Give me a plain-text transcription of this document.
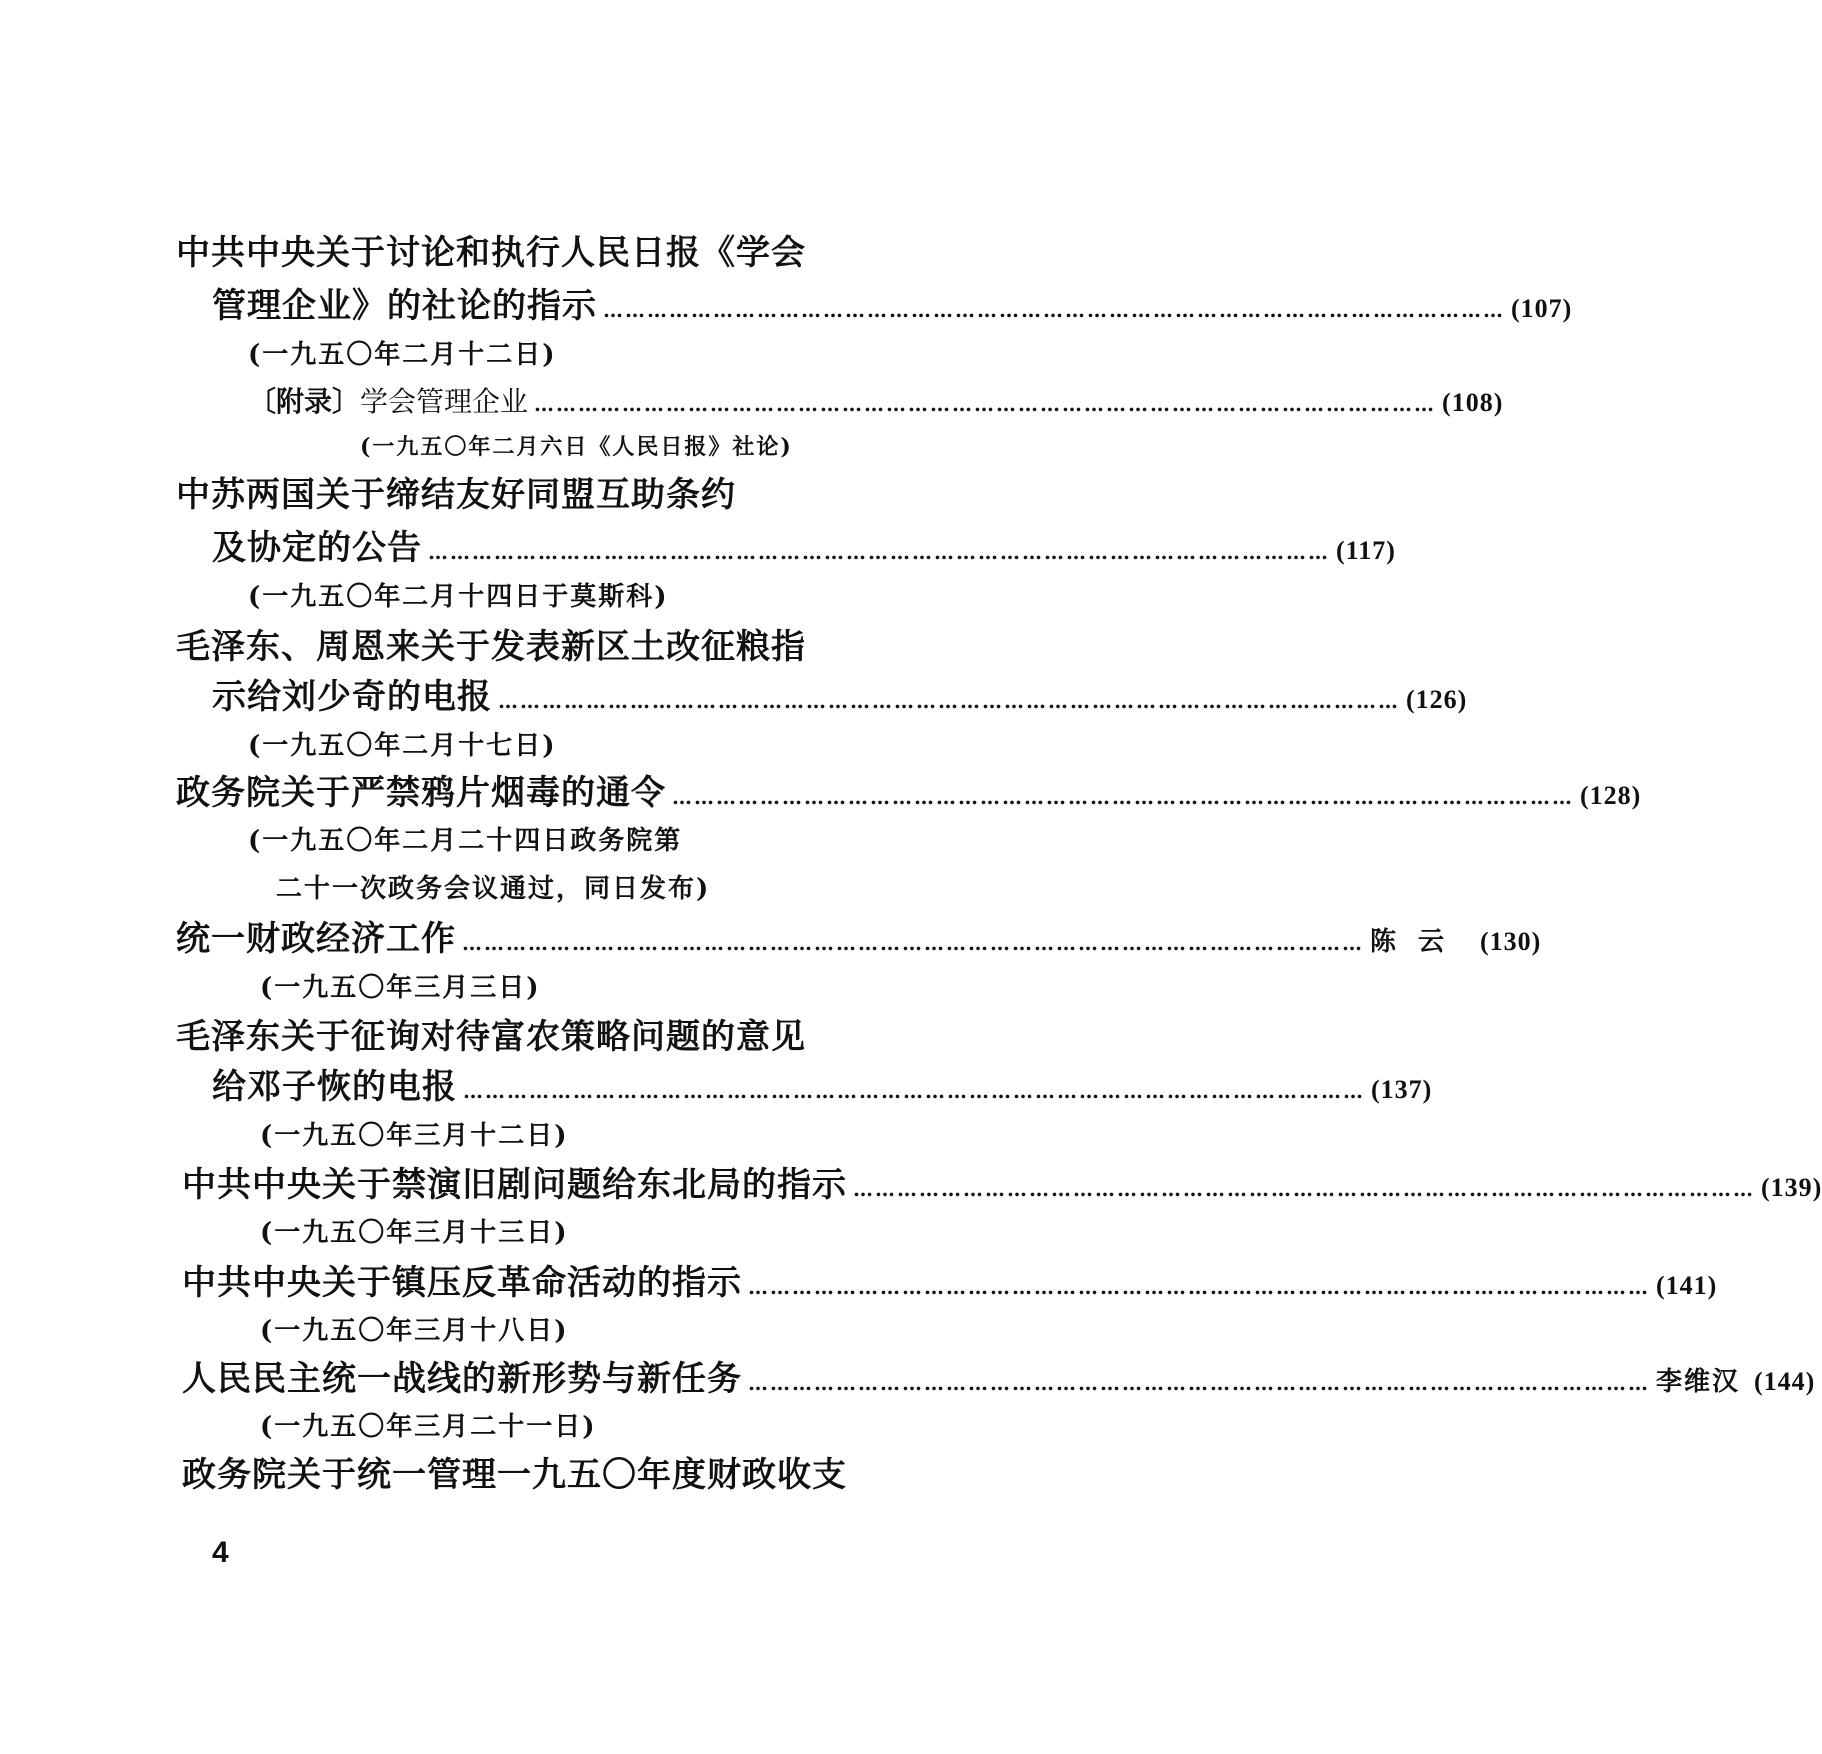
中共中央关于讨论和执行人民日报《学会
管理企业》的社论的指示 …………………………………………………………………………………………………………… (107)
(一九五〇年二月十二日)
〔附录〕 学会管理企业 …………………………………………………………………………………………………………… (108)
(一九五〇年二月六日《人民日报》社论)
中苏两国关于缔结友好同盟互助条约
及协定的公告 …………………………………………………………………………………………………………… (117)
(一九五〇年二月十四日于莫斯科)
毛泽东、周恩来关于发表新区土改征粮指
示给刘少奇的电报 …………………………………………………………………………………………………………… (126)
(一九五〇年二月十七日)
政务院关于严禁鸦片烟毒的通令 …………………………………………………………………………………………………………… (128)
(一九五〇年二月二十四日政务院第
二十一次政务会议通过，同日发布)
统一财政经济工作 …………………………………………………………………………………………………………… 陈云 (130)
(一九五〇年三月三日)
毛泽东关于征询对待富农策略问题的意见
给邓子恢的电报 …………………………………………………………………………………………………………… (137)
(一九五〇年三月十二日)
中共中央关于禁演旧剧问题给东北局的指示 …………………………………………………………………………………………………………… (139)
(一九五〇年三月十三日)
中共中央关于镇压反革命活动的指示 …………………………………………………………………………………………………………… (141)
(一九五〇年三月十八日)
人民民主统一战线的新形势与新任务 …………………………………………………………………………………………………………… 李维汉 (144)
(一九五〇年三月二十一日)
政务院关于统一管理一九五〇年度财政收支
4
